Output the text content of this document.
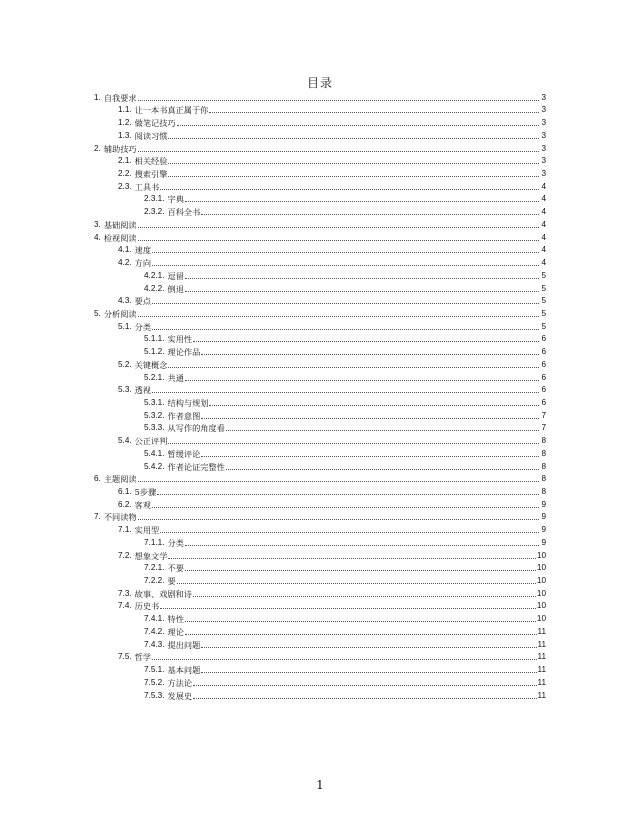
目录
1. 自我要求	3
1.1. 让一本书真正属于你	3
1.2. 做笔记技巧	3
1.3. 阅读习惯	3
2. 辅助技巧	3
2.1. 相关经验	3
2.2. 搜索引擎	3
2.3. 工具书	4
2.3.1. 字典	4
2.3.2. 百科全书	4
3. 基础阅读	4
4. 检视阅读	4
4.1. 速度	4
4.2. 方向	4
4.2.1. 逗留	5
4.2.2. 倒退	5
4.3. 要点	5
5. 分析阅读	5
5.1. 分类	5
5.1.1. 实用性	6
5.1.2. 理论作品	6
5.2. 关键概念	6
5.2.1. 共通	6
5.3. 透视	6
5.3.1. 结构与规划	6
5.3.2. 作者意图	7
5.3.3. 从写作的角度看	7
5.4. 公正评判	8
5.4.1. 暂缓评论	8
5.4.2. 作者论证完整性	8
6. 主题阅读	8
6.1. 5步骤	8
6.2. 客观	9
7. 不同读物	9
7.1. 实用型	9
7.1.1. 分类	9
7.2. 想象文学	10
7.2.1. 不要	10
7.2.2. 要	10
7.3. 故事、戏剧和诗	10
7.4. 历史书	10
7.4.1. 特性	10
7.4.2. 理论	11
7.4.3. 提出问题	11
7.5. 哲学	11
7.5.1. 基本问题	11
7.5.2. 方法论	11
7.5.3. 发展史	11
1
